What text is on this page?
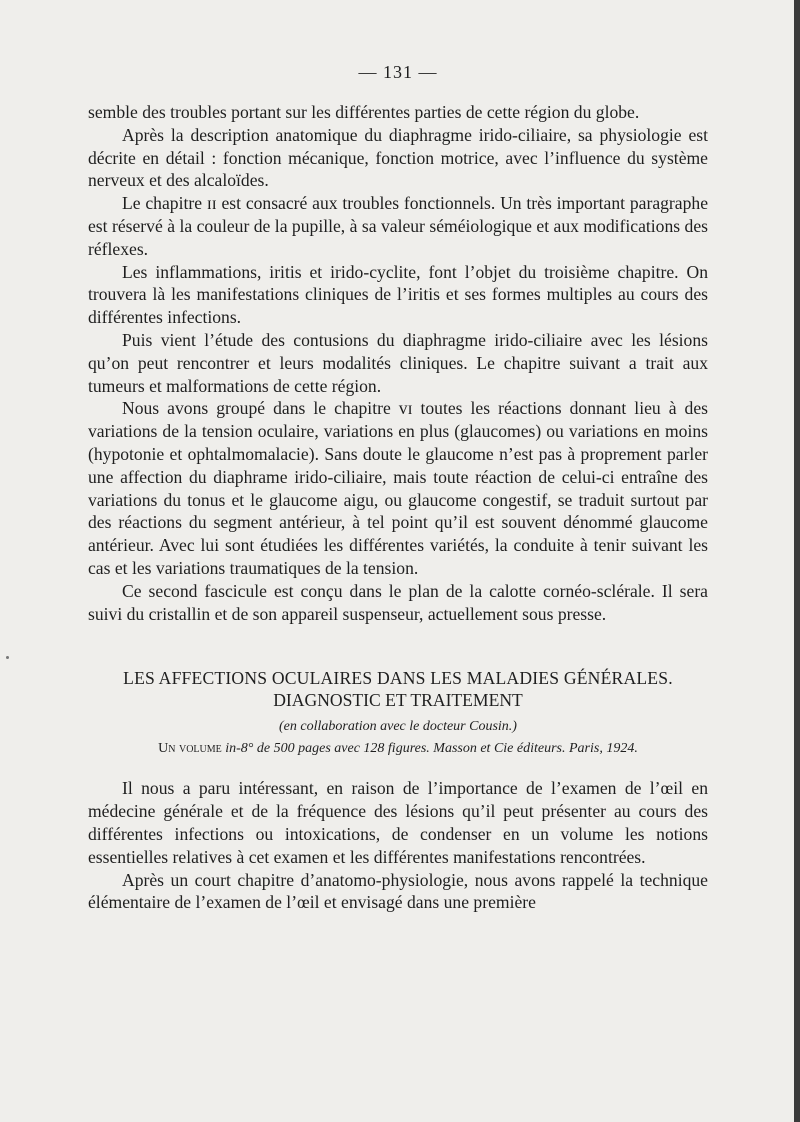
— 131 —

semble des troubles portant sur les différentes parties de cette région du globe.

Après la description anatomique du diaphragme irido-ciliaire, sa physiologie est décrite en détail : fonction mécanique, fonction motrice, avec l’influence du système nerveux et des alcaloïdes.

Le chapitre ɪɪ est consacré aux troubles fonctionnels. Un très important paragraphe est réservé à la couleur de la pupille, à sa valeur séméiologique et aux modifications des réflexes.

Les inflammations, iritis et irido-cyclite, font l’objet du troisième chapitre. On trouvera là les manifestations cliniques de l’iritis et ses formes multiples au cours des différentes infections.

Puis vient l’étude des contusions du diaphragme irido-ciliaire avec les lésions qu’on peut rencontrer et leurs modalités cliniques. Le chapitre suivant a trait aux tumeurs et malformations de cette région.

Nous avons groupé dans le chapitre ᴠɪ toutes les réactions donnant lieu à des variations de la tension oculaire, variations en plus (glaucomes) ou variations en moins (hypotonie et ophtalmomalacie). Sans doute le glaucome n’est pas à proprement parler une affection du diaphrame irido-ciliaire, mais toute réaction de celui-ci entraîne des variations du tonus et le glaucome aigu, ou glaucome congestif, se traduit surtout par des réactions du segment antérieur, à tel point qu’il est souvent dénommé glaucome antérieur. Avec lui sont étudiées les différentes variétés, la conduite à tenir suivant les cas et les variations traumatiques de la tension.

Ce second fascicule est conçu dans le plan de la calotte cornéo-sclérale. Il sera suivi du cristallin et de son appareil suspenseur, actuellement sous presse.

LES AFFECTIONS OCULAIRES DANS LES MALADIES GÉNÉRALES.
DIAGNOSTIC ET TRAITEMENT
(en collaboration avec le docteur Cousin.)
Un volume in-8° de 500 pages avec 128 figures. Masson et Cie éditeurs. Paris, 1924.

Il nous a paru intéressant, en raison de l’importance de l’examen de l’œil en médecine générale et de la fréquence des lésions qu’il peut présenter au cours des différentes infections ou intoxications, de condenser en un volume les notions essentielles relatives à cet examen et les différentes manifestations rencontrées.

Après un court chapitre d’anatomo-physiologie, nous avons rappelé la technique élémentaire de l’examen de l’œil et envisagé dans une première
